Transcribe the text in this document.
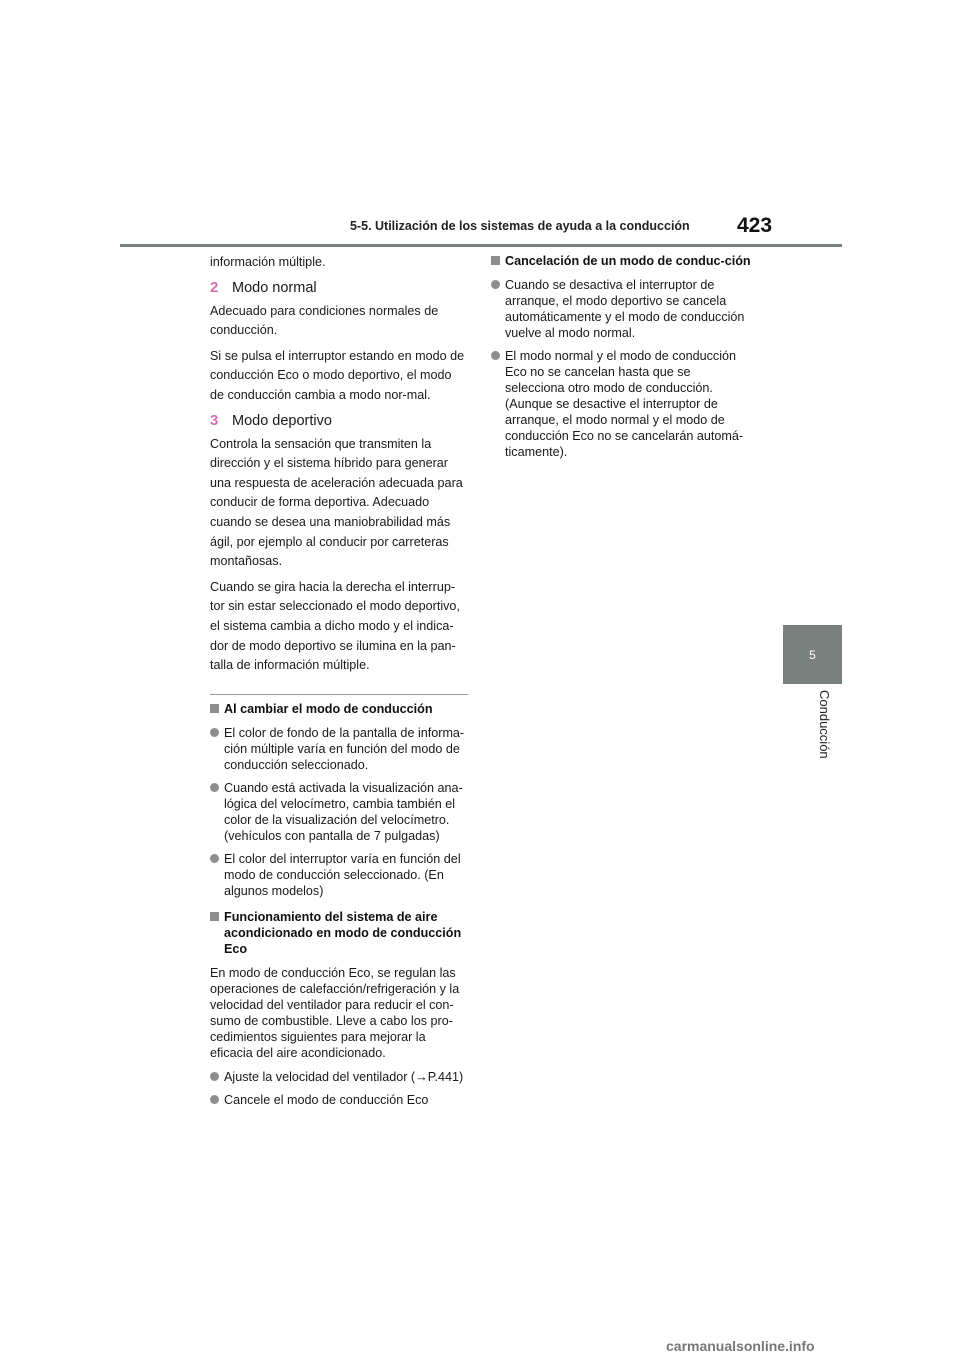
5-5. Utilización de los sistemas de ayuda a la conducción	423
5
Conducción

información múltiple.

2 Modo normal

Adecuado para condiciones normales de conducción.

Si se pulsa el interruptor estando en modo de conducción Eco o modo deportivo, el modo de conducción cambia a modo nor-mal.

3 Modo deportivo

Controla la sensación que transmiten la dirección y el sistema híbrido para generar una respuesta de aceleración adecuada para conducir de forma deportiva. Adecuado cuando se desea una maniobrabilidad más ágil, por ejemplo al conducir por carreteras montañosas.

Cuando se gira hacia la derecha el interrup-tor sin estar seleccionado el modo deportivo, el sistema cambia a dicho modo y el indica-dor de modo deportivo se ilumina en la pan-talla de información múltiple.

Al cambiar el modo de conducción
El color de fondo de la pantalla de informa-ción múltiple varía en función del modo de conducción seleccionado.
Cuando está activada la visualización ana-lógica del velocímetro, cambia también el color de la visualización del velocímetro. (vehículos con pantalla de 7 pulgadas)
El color del interruptor varía en función del modo de conducción seleccionado. (En algunos modelos)
Funcionamiento del sistema de aire acondicionado en modo de conducción Eco

En modo de conducción Eco, se regulan las operaciones de calefacción/refrigeración y la velocidad del ventilador para reducir el con-sumo de combustible. Lleve a cabo los pro-cedimientos siguientes para mejorar la eficacia del aire acondicionado.

Ajuste la velocidad del ventilador (→P.441)
Cancele el modo de conducción Eco
Cancelación de un modo de conduc-ción
Cuando se desactiva el interruptor de arranque, el modo deportivo se cancela automáticamente y el modo de conducción vuelve al modo normal.
El modo normal y el modo de conducción Eco no se cancelan hasta que se selecciona otro modo de conducción. (Aunque se desactive el interruptor de arranque, el modo normal y el modo de conducción Eco no se cancelarán automá-ticamente).
carmanualsonline.info
